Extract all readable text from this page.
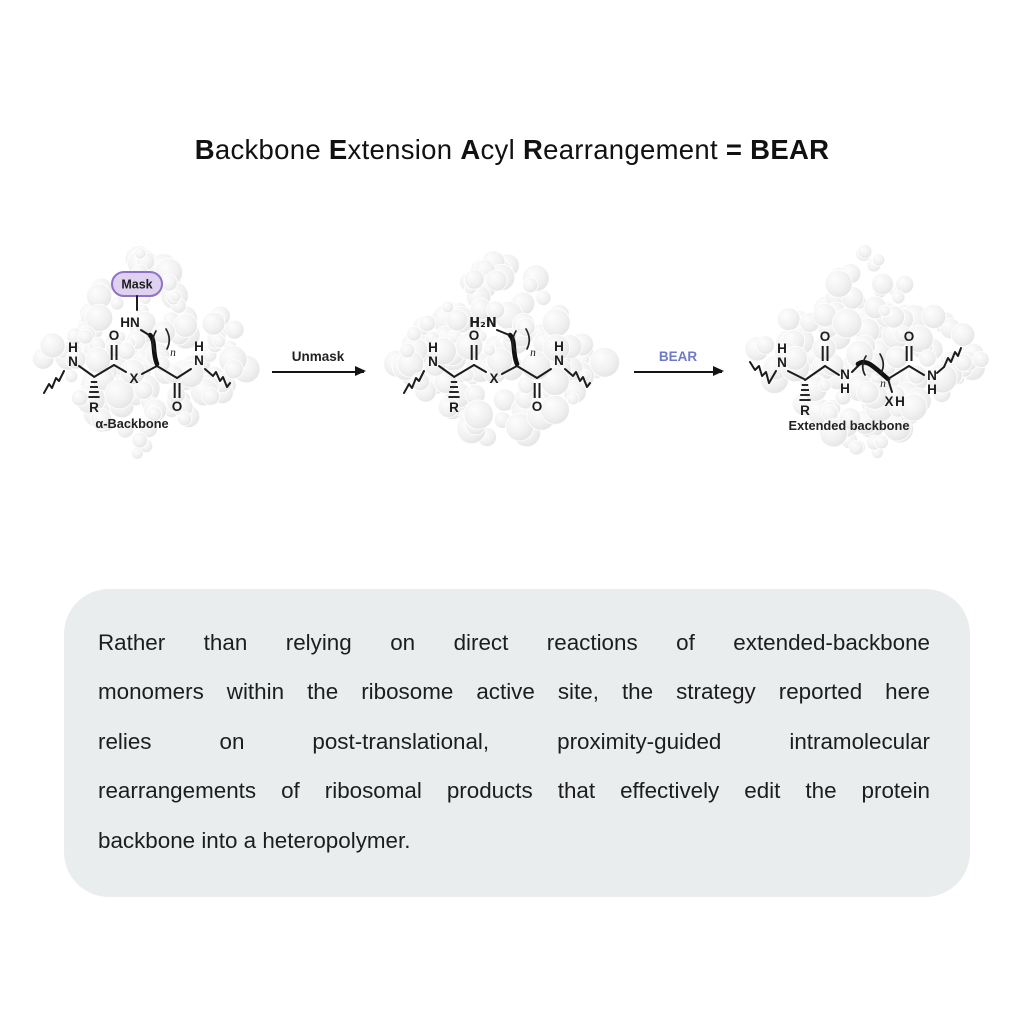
Backbone Extension Acyl Rearrangement = BEAR
H
N
R
O
X
n
O
H
N
Mask
HN
α-Backbone
Unmask
H₂N
H
N
R
O
X
n
O
H
N	BEAR
H
N
R
O
N
H	n
X H
O
N
H
Extended backbone
Rather than relying on direct reactions of extended-backbone
monomers within the ribosome active site, the strategy reported here
relies on post-translational, proximity-guided intramolecular
rearrangements of ribosomal products that effectively edit the protein
backbone into a heteropolymer.
